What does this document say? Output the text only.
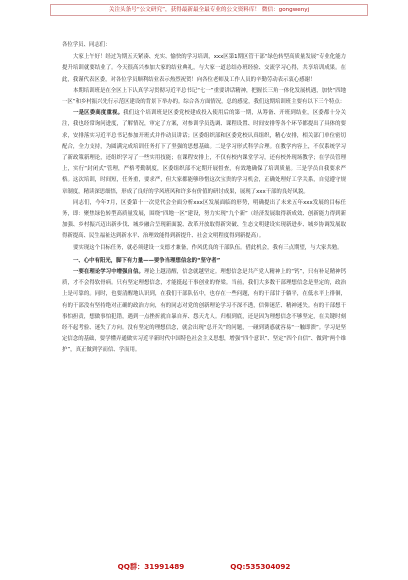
关注头条号“公文研究”，获得最新最全最专业的公文资料库！ 微信：gongwenyj

各位学员、同志们：

大家上午好！经过为期五天紧凑、充实、愉快的学习培训，xxx区第1期区管干部“绿色转型高质量发展”专业化能力提升培训就要结业了。今天很高兴参加大家的结业典礼，与大家一道总结办班经验、交流学习心得，共享培训成果。在此，我谨代表区委，对各位学员顺利结业表示热烈祝贺！向各位老师及工作人员的辛勤劳动表示衷心感谢！

本期培训班是在全区上下认真学习贯彻习近平总书记“七一”重要讲话精神，把握长三角一体化发展机遇，加快“四地一区”和乡村振兴先行示范区建设的背景下举办的。综合各方面情况，总的感觉，我们这期培训班主要有以下三个特点：

一是区委高度重视。我们这个培训班是区委党校建成投入使用后的第一期，从筹备、开班到结业，区委都十分关注，我也经常询问进度，了解情况，审定了方案，对参训学员选调、课程设置、时间安排等各个环节都提出了具体的要求，安排落实习近平总书记参加开班式并作动员讲话；区委组织部和区委党校认真组织，精心安排，相关部门单位密切配合，全力支持，为圆满完成培训任务打下了坚强的思想基础。二是学习形式科学合理。在教学内容上，不仅系统学习了新政策新理论，还组织学习了一些实用技能；在课程安排上，不仅有校内课堂学习，还有校外现场教学；在学员管理上，实行“封闭式”管理，严格考勤制度，区委组织部不定期开展督查，有效地确保了培训质量。三是学员自我要求严格。这次培训，时间短，任务重，要求严，但大家都能够珍惜这次宝贵的学习机会，正确处理好工学关系，自觉遵守规章制度，精读深思细悟，形成了良好的学风班风和许多有价值的研讨成果，展现了xxx干部的良好风貌。

同志们，今年7月，区委第十一次党代会全面分析xxx区发展面临的形势，明确提出了未来五年xxx发展的目标任务，即：聚焦绿色转型高质量发展，围绕“四地一区”建设，努力实现“九个新”（经济发展取得新成效、创新能力得到新加强、乡村振兴迈出新步伐、城乡融合呈现新面貌、改革开放取得新突破、生态文明建设实现新进步、城乡协调发展取得新提高、民生福祉达到新水平、治理效能得到新提升、社会文明程度得到新提高）。

要实现这个目标任务，就必须建设一支德才兼备，作风优良的干部队伍。借此机会，我有三点期望，与大家共勉。

一、心中有阳光，脚下有力量——要争当理想信念的“坚守者”

一要在理论学习中增强自信。理论上越清醒，信念就越坚定。理想信念是共产党人精神上的“钙”，只有补足精神钙质，才不会得软骨病。只有坚定理想信念，才能挺起干事创业的脊梁。当前，我们大多数干部理想信念是坚定的，政治上是可靠的。同时，也要清醒地认识到，在我们干部队伍中，也存在一些问题，有的干部甘于躺平，在低水平上徘徊，有的干部没有坚持绝对正确的政治方向，有的同志对党的创新理论学习不深不透，信仰迷茫、精神迷失。有的干部想干事怕担责，想做事怕犯错，遇到一点挫折就自暴自弃、怨天尤人。归根到底，还是因为理想信念不够坚定，在关键时刻经不起考验、迷失了方向。没有坚定的理想信念，就会出现“总开关”的问题，一碰到诱惑就容易“一触即溃”。学习是坚定信念的基础，要学懂弄通做实习近平新时代中国特色社会主义思想，增强“四个意识”、坚定“四个自信”、做到“两个维护”，真正做到学而信、学而用。

QQ群：31991489	QQ:535304092
